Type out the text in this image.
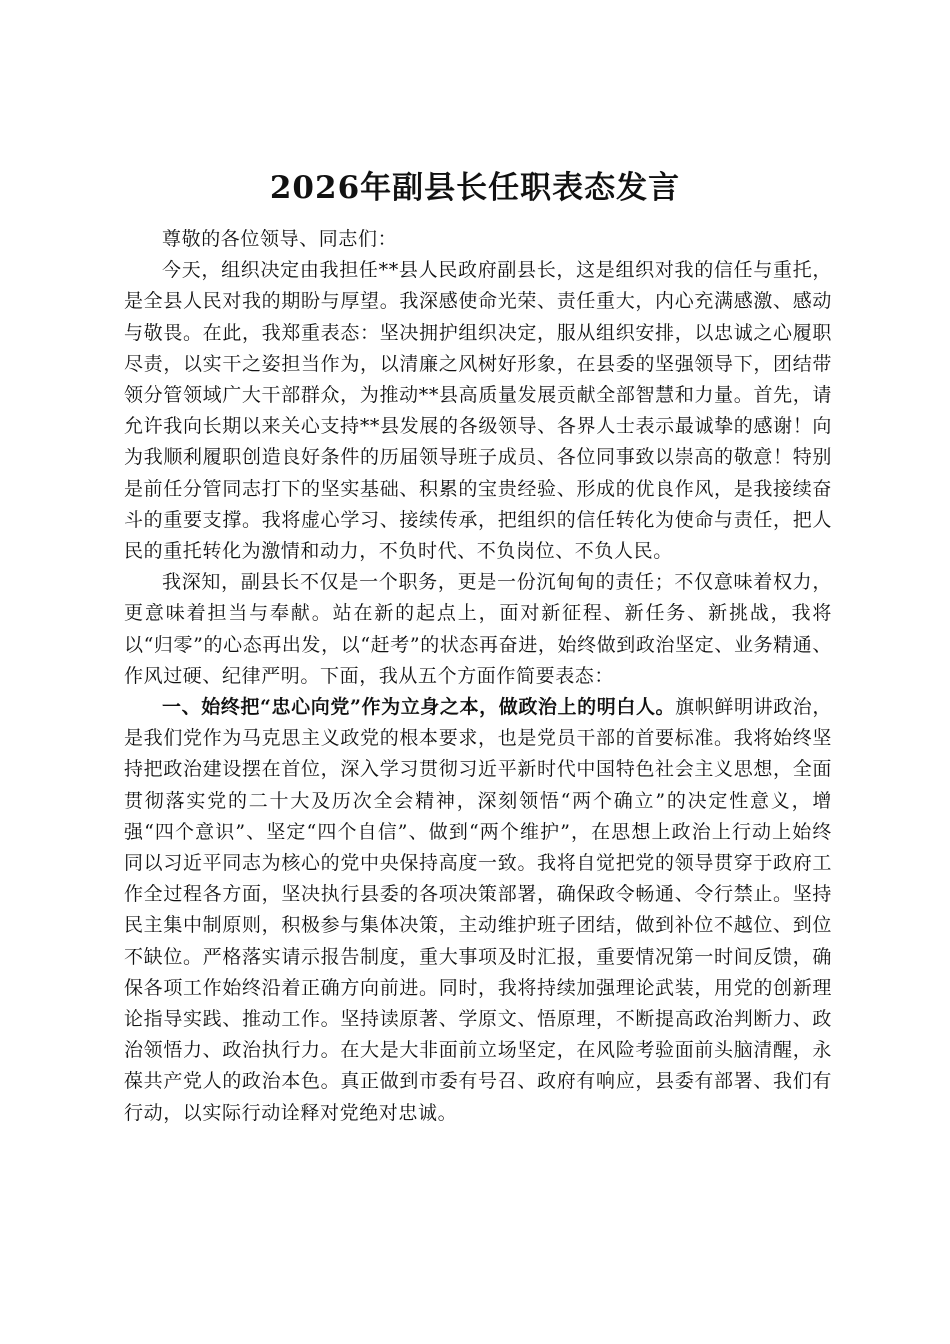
2026年副县长任职表态发言

尊敬的各位领导、同志们：

今天，组织决定由我担任**县人民政府副县长，这是组织对我的信任与重托，是全县人民对我的期盼与厚望。我深感使命光荣、责任重大，内心充满感激、感动与敬畏。在此，我郑重表态：坚决拥护组织决定，服从组织安排，以忠诚之心履职尽责，以实干之姿担当作为，以清廉之风树好形象，在县委的坚强领导下，团结带领分管领域广大干部群众，为推动**县高质量发展贡献全部智慧和力量。首先，请允许我向长期以来关心支持**县发展的各级领导、各界人士表示最诚挚的感谢！向为我顺利履职创造良好条件的历届领导班子成员、各位同事致以崇高的敬意！特别是前任分管同志打下的坚实基础、积累的宝贵经验、形成的优良作风，是我接续奋斗的重要支撑。我将虚心学习、接续传承，把组织的信任转化为使命与责任，把人民的重托转化为激情和动力，不负时代、不负岗位、不负人民。

我深知，副县长不仅是一个职务，更是一份沉甸甸的责任；不仅意味着权力，更意味着担当与奉献。站在新的起点上，面对新征程、新任务、新挑战，我将以“归零”的心态再出发，以“赶考”的状态再奋进，始终做到政治坚定、业务精通、作风过硬、纪律严明。下面，我从五个方面作简要表态：

一、始终把“忠心向党”作为立身之本，做政治上的明白人。旗帜鲜明讲政治，是我们党作为马克思主义政党的根本要求，也是党员干部的首要标准。我将始终坚持把政治建设摆在首位，深入学习贯彻习近平新时代中国特色社会主义思想，全面贯彻落实党的二十大及历次全会精神，深刻领悟“两个确立”的决定性意义，增强“四个意识”、坚定“四个自信”、做到“两个维护”，在思想上政治上行动上始终同以习近平同志为核心的党中央保持高度一致。我将自觉把党的领导贯穿于政府工作全过程各方面，坚决执行县委的各项决策部署，确保政令畅通、令行禁止。坚持民主集中制原则，积极参与集体决策，主动维护班子团结，做到补位不越位、到位不缺位。严格落实请示报告制度，重大事项及时汇报，重要情况第一时间反馈，确保各项工作始终沿着正确方向前进。同时，我将持续加强理论武装，用党的创新理论指导实践、推动工作。坚持读原著、学原文、悟原理，不断提高政治判断力、政治领悟力、政治执行力。在大是大非面前立场坚定，在风险考验面前头脑清醒，永葆共产党人的政治本色。真正做到市委有号召、政府有响应，县委有部署、我们有行动，以实际行动诠释对党绝对忠诚。
